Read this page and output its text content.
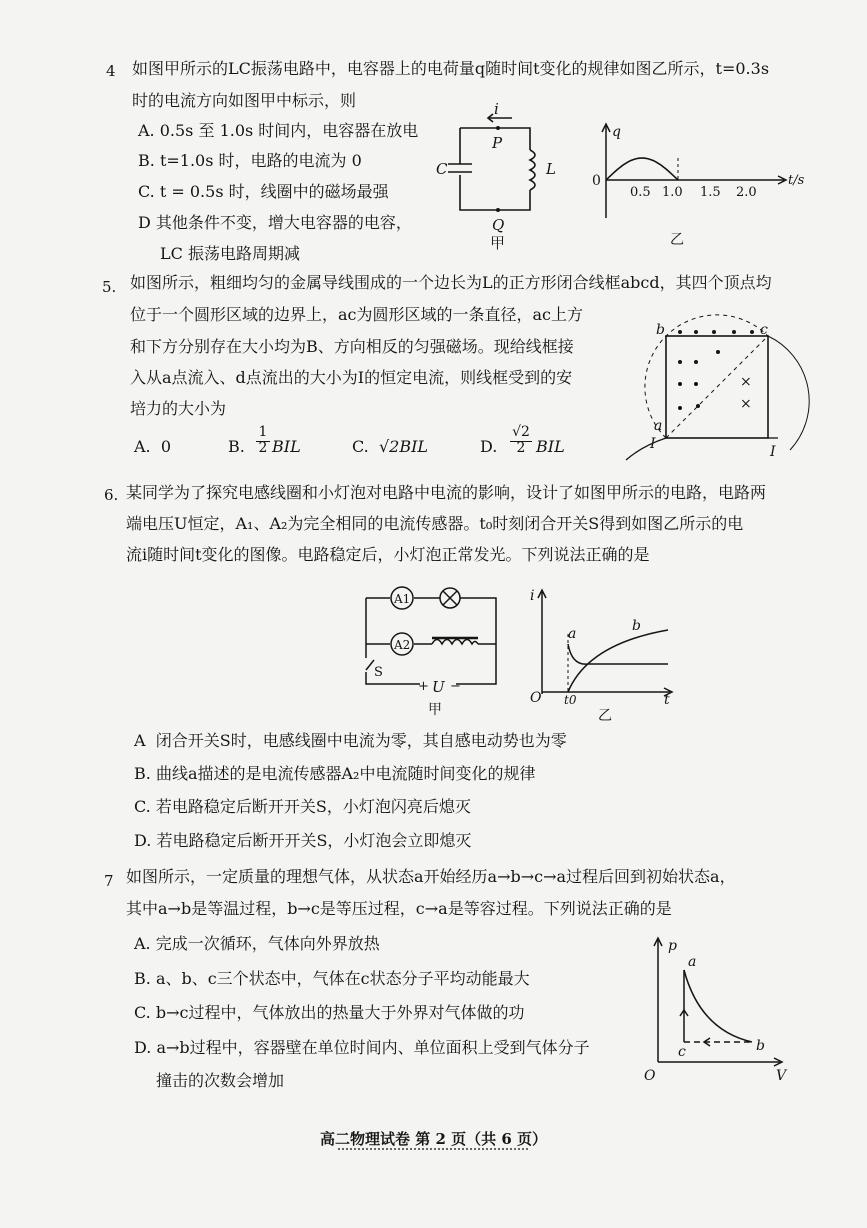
4 如图甲所示的LC振荡电路中，电容器上的电荷量q随时间t变化的规律如图乙所示，t=0.3s
时的电流方向如图甲中标示，则
A. 0.5s 至 1.0s 时间内，电容器在放电
B. t=1.0s 时，电路的电流为 0
C. t = 0.5s 时，线圈中的磁场最强
D 其他条件不变，增大电容器的电容，
LC 振荡电路周期减
i
P
Q
C	L
甲
q
t/s
0
0.5 1.0 1.5 2.0
乙
5. 如图所示，粗细均匀的金属导线围成的一个边长为L的正方形闭合线框abcd，其四个顶点均
位于一个圆形区域的边界上，ac为圆形区域的一条直径，ac上方
和下方分别存在大小均为B、方向相反的匀强磁场。现给线框接
入从a点流入、d点流出的大小为I的恒定电流，则线框受到的安
培力的大小为
A. 0	B.
1
2 BIL	C. √2BIL	D.
√2
2 BIL
b	c
a
I	I
×
×
6. 某同学为了探究电感线圈和小灯泡对电路中电流的影响，设计了如图甲所示的电路，电路两
端电压U恒定，A₁、A₂为完全相同的电流传感器。t₀时刻闭合开关S得到如图乙所示的电
流i随时间t变化的图像。电路稳定后，小灯泡正常发光。下列说法正确的是
A1
A2
S
+ U −
甲
i
t
O t0
a	b
乙
A 闭合开关S时，电感线圈中电流为零，其自感电动势也为零
B. 曲线a描述的是电流传感器A₂中电流随时间变化的规律
C. 若电路稳定后断开开关S，小灯泡闪亮后熄灭
D. 若电路稳定后断开开关S，小灯泡会立即熄灭
7 如图所示，一定质量的理想气体，从状态a开始经历a→b→c→a过程后回到初始状态a，
其中a→b是等温过程，b→c是等压过程，c→a是等容过程。下列说法正确的是
A. 完成一次循环，气体向外界放热
B. a、b、c三个状态中，气体在c状态分子平均动能最大
C. b→c过程中，气体放出的热量大于外界对气体做的功
D. a→b过程中，容器壁在单位时间内、单位面积上受到气体分子
撞击的次数会增加
p
V
O
a
b
c
高二物理试卷 第 2 页（共 6 页）
